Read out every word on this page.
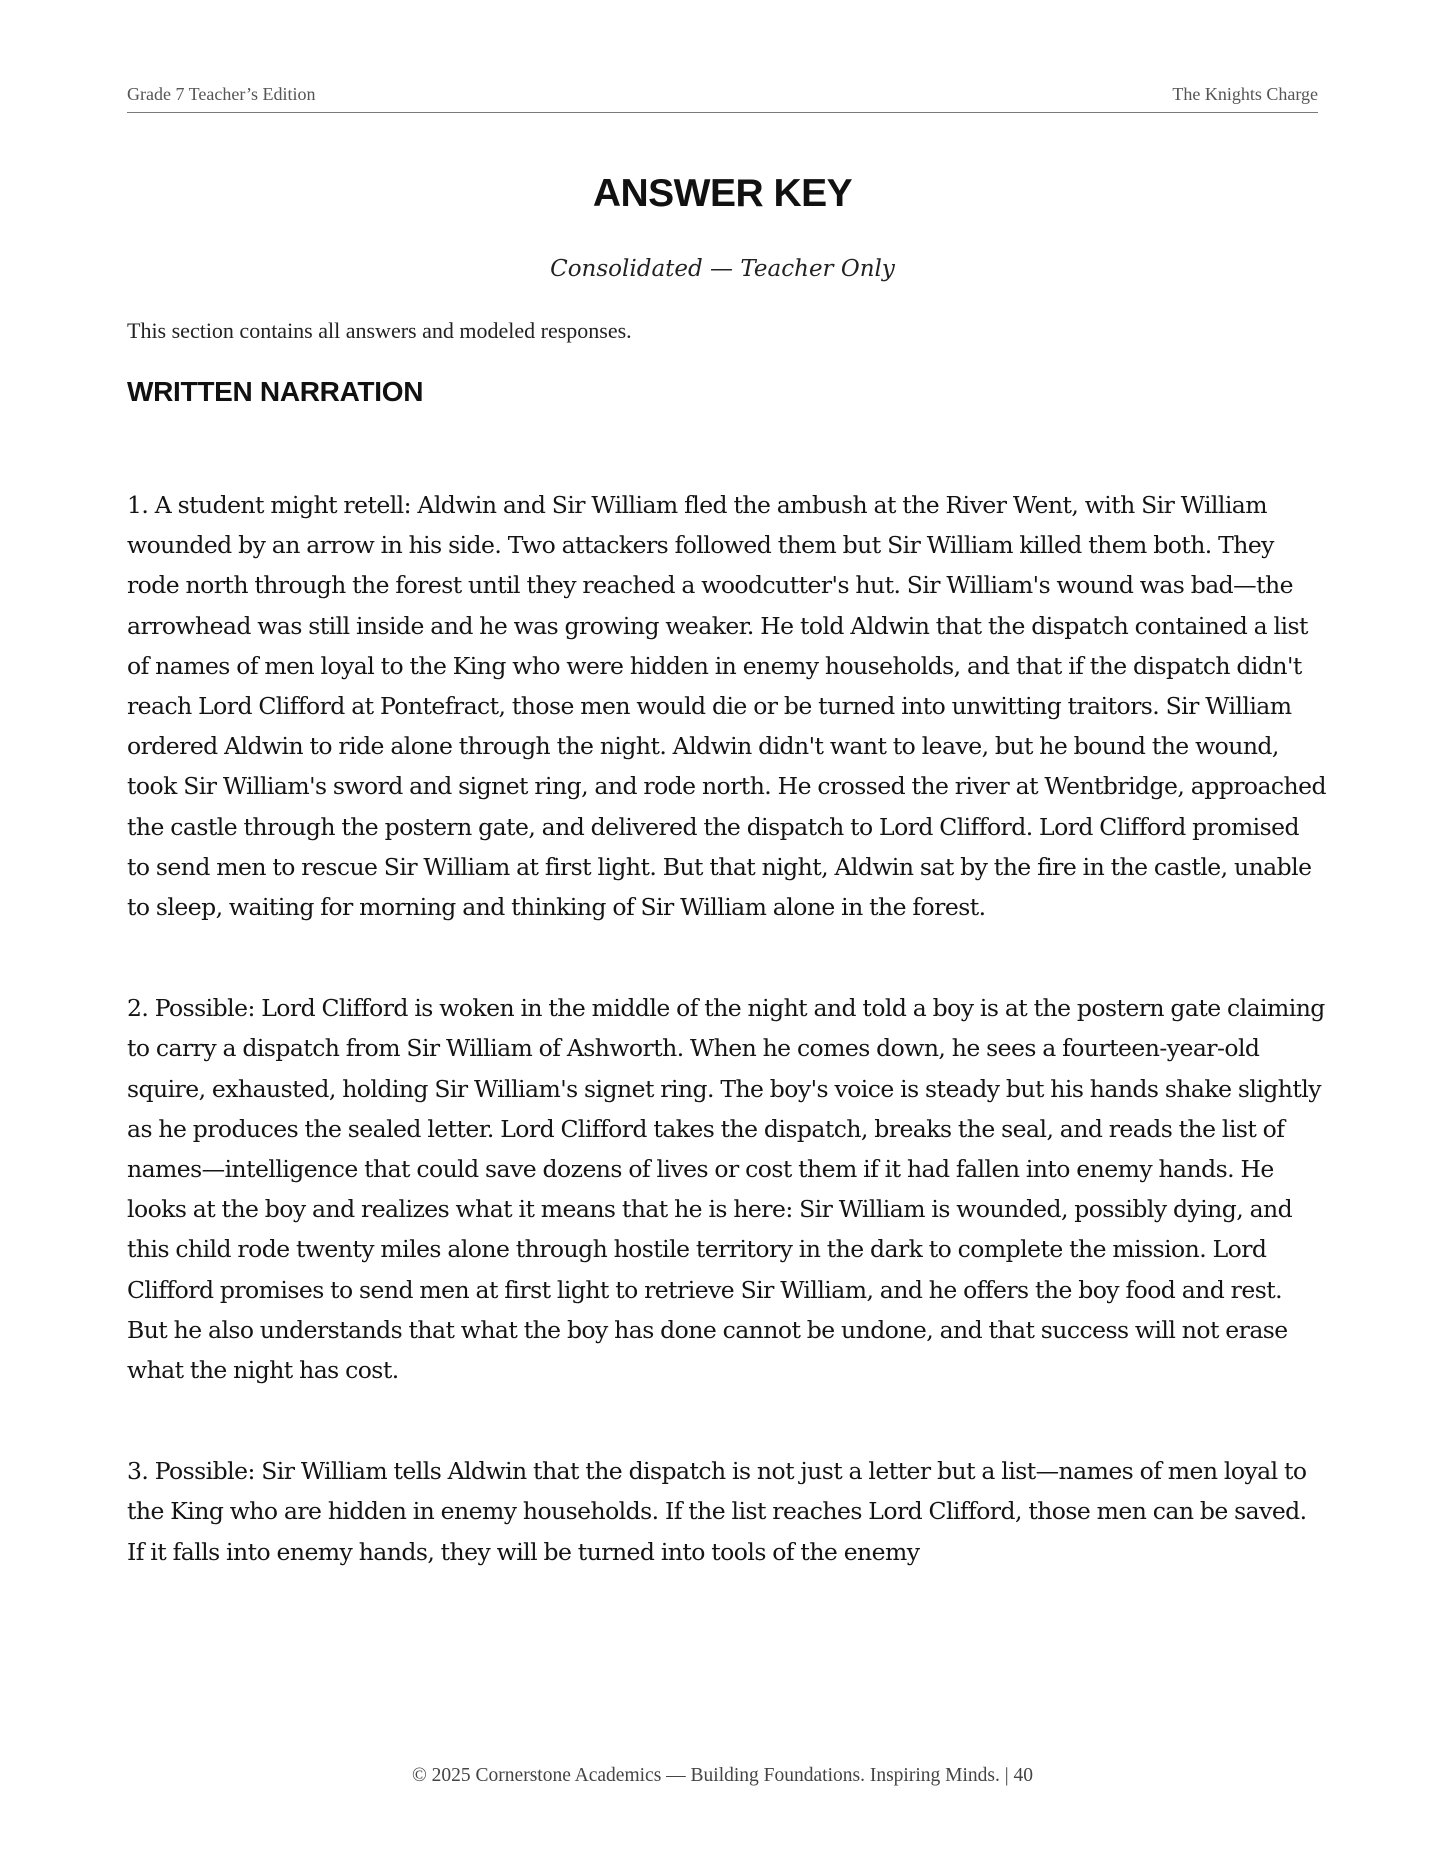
Grade 7 Teacher’s Edition	The Knights Charge
ANSWER KEY
Consolidated — Teacher Only
This section contains all answers and modeled responses.
WRITTEN NARRATION

1. A student might retell: Aldwin and Sir William fled the ambush at the River Went, with Sir William wounded by an arrow in his side. Two attackers followed them but Sir William killed them both. They rode north through the forest until they reached a woodcutter's hut. Sir William's wound was bad—the arrowhead was still inside and he was growing weaker. He told Aldwin that the dispatch contained a list of names of men loyal to the King who were hidden in enemy households, and that if the dispatch didn't reach Lord Clifford at Pontefract, those men would die or be turned into unwitting traitors. Sir William ordered Aldwin to ride alone through the night. Aldwin didn't want to leave, but he bound the wound, took Sir William's sword and signet ring, and rode north. He crossed the river at Wentbridge, approached the castle through the postern gate, and delivered the dispatch to Lord Clifford. Lord Clifford promised to send men to rescue Sir William at first light. But that night, Aldwin sat by the fire in the castle, unable to sleep, waiting for morning and thinking of Sir William alone in the forest.

2. Possible: Lord Clifford is woken in the middle of the night and told a boy is at the postern gate claiming to carry a dispatch from Sir William of Ashworth. When he comes down, he sees a fourteen-year-old squire, exhausted, holding Sir William's signet ring. The boy's voice is steady but his hands shake slightly as he produces the sealed letter. Lord Clifford takes the dispatch, breaks the seal, and reads the list of names—intelligence that could save dozens of lives or cost them if it had fallen into enemy hands. He looks at the boy and realizes what it means that he is here: Sir William is wounded, possibly dying, and this child rode twenty miles alone through hostile territory in the dark to complete the mission. Lord Clifford promises to send men at first light to retrieve Sir William, and he offers the boy food and rest. But he also understands that what the boy has done cannot be undone, and that success will not erase what the night has cost.

3. Possible: Sir William tells Aldwin that the dispatch is not just a letter but a list—names of men loyal to the King who are hidden in enemy households. If the list reaches Lord Clifford, those men can be saved. If it falls into enemy hands, they will be turned into tools of the enemy

© 2025 Cornerstone Academics — Building Foundations. Inspiring Minds. | 40
